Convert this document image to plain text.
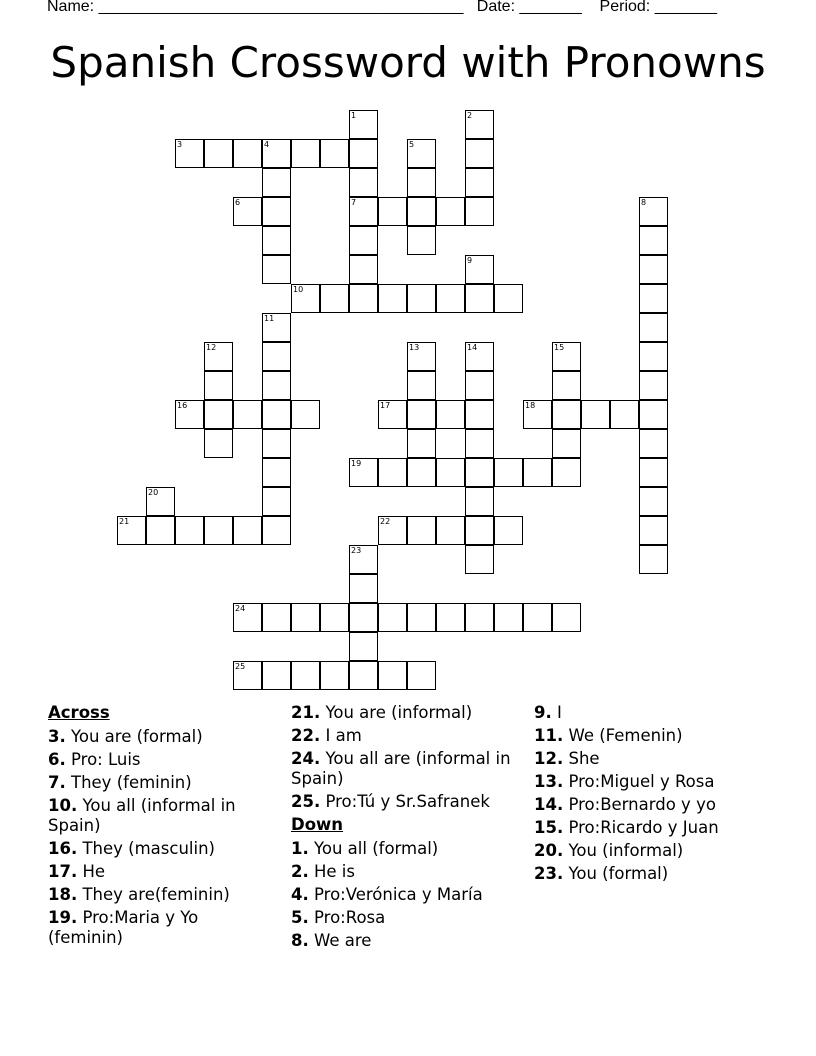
Name: _________________________________________ Date: _______ Period: _______
Spanish Crossword with Pronowns
3	4
6	7
10
16	17	18
19
21	22
24
25
1	2
5
8
9
11
12	13	14	15
20
23
Across
3. You are (formal)
6. Pro: Luis
7. They (feminin)
10. You all (informal in Spain)
16. They (masculin)
17. He
18. They are(feminin)
19. Pro:Maria y Yo (feminin)
21. You are (informal)
22. I am
24. You all are (informal in Spain)
25. Pro:Tú y Sr.Safranek
Down
1. You all (formal)
2. He is
4. Pro:Verónica y María
5. Pro:Rosa
8. We are
9. I
11. We (Femenin)
12. She
13. Pro:Miguel y Rosa
14. Pro:Bernardo y yo
15. Pro:Ricardo y Juan
20. You (informal)
23. You (formal)
